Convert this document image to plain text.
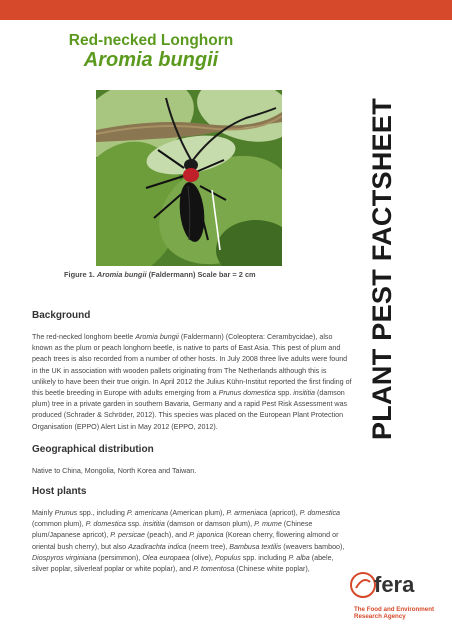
Red-necked Longhorn
Aromia bungii
Figure 1. Aromia bungii (Faldermann) Scale bar = 2 cm
Background
The red-necked longhorn beetle Aromia bungii (Faldermann) (Coleoptera: Cerambycidae), also known as the plum or peach longhorn beetle, is native to parts of East Asia. This pest of plum and peach trees is also recorded from a number of other hosts. In July 2008 three live adults were found in the UK in association with wooden pallets originating from The Netherlands although this is unlikely to have been their true origin. In April 2012 the Julius Kühn-Institut reported the first finding of this beetle breeding in Europe with adults emerging from a Prunus domestica spp. insititia (damson plum) tree in a private garden in southern Bavaria, Germany and a rapid Pest Risk Assessment was produced (Schrader & Schröder, 2012). This species was placed on the European Plant Protection Organisation (EPPO) Alert List in May 2012 (EPPO, 2012).
Geographical distribution
Native to China, Mongolia, North Korea and Taiwan.
Host plants
Mainly Prunus spp., including P. americana (American plum), P. armeniaca (apricot), P. domestica (common plum), P. domestica ssp. insititia (damson or damson plum), P. mume (Chinese plum/Japanese apricot), P. persicae (peach), and P. japonica (Korean cherry, flowering almond or oriental bush cherry), but also Azadirachta indica (neem tree), Bambusa textilis (weavers bamboo), Diospyros virginiana (persimmon), Olea europaea (olive), Populus spp. including P. alba (abele, silver poplar, silverleaf poplar or white poplar), and P. tomentosa (Chinese white poplar),
PLANT PEST FACTSHEET
fera
The Food and Environment
Research Agency
